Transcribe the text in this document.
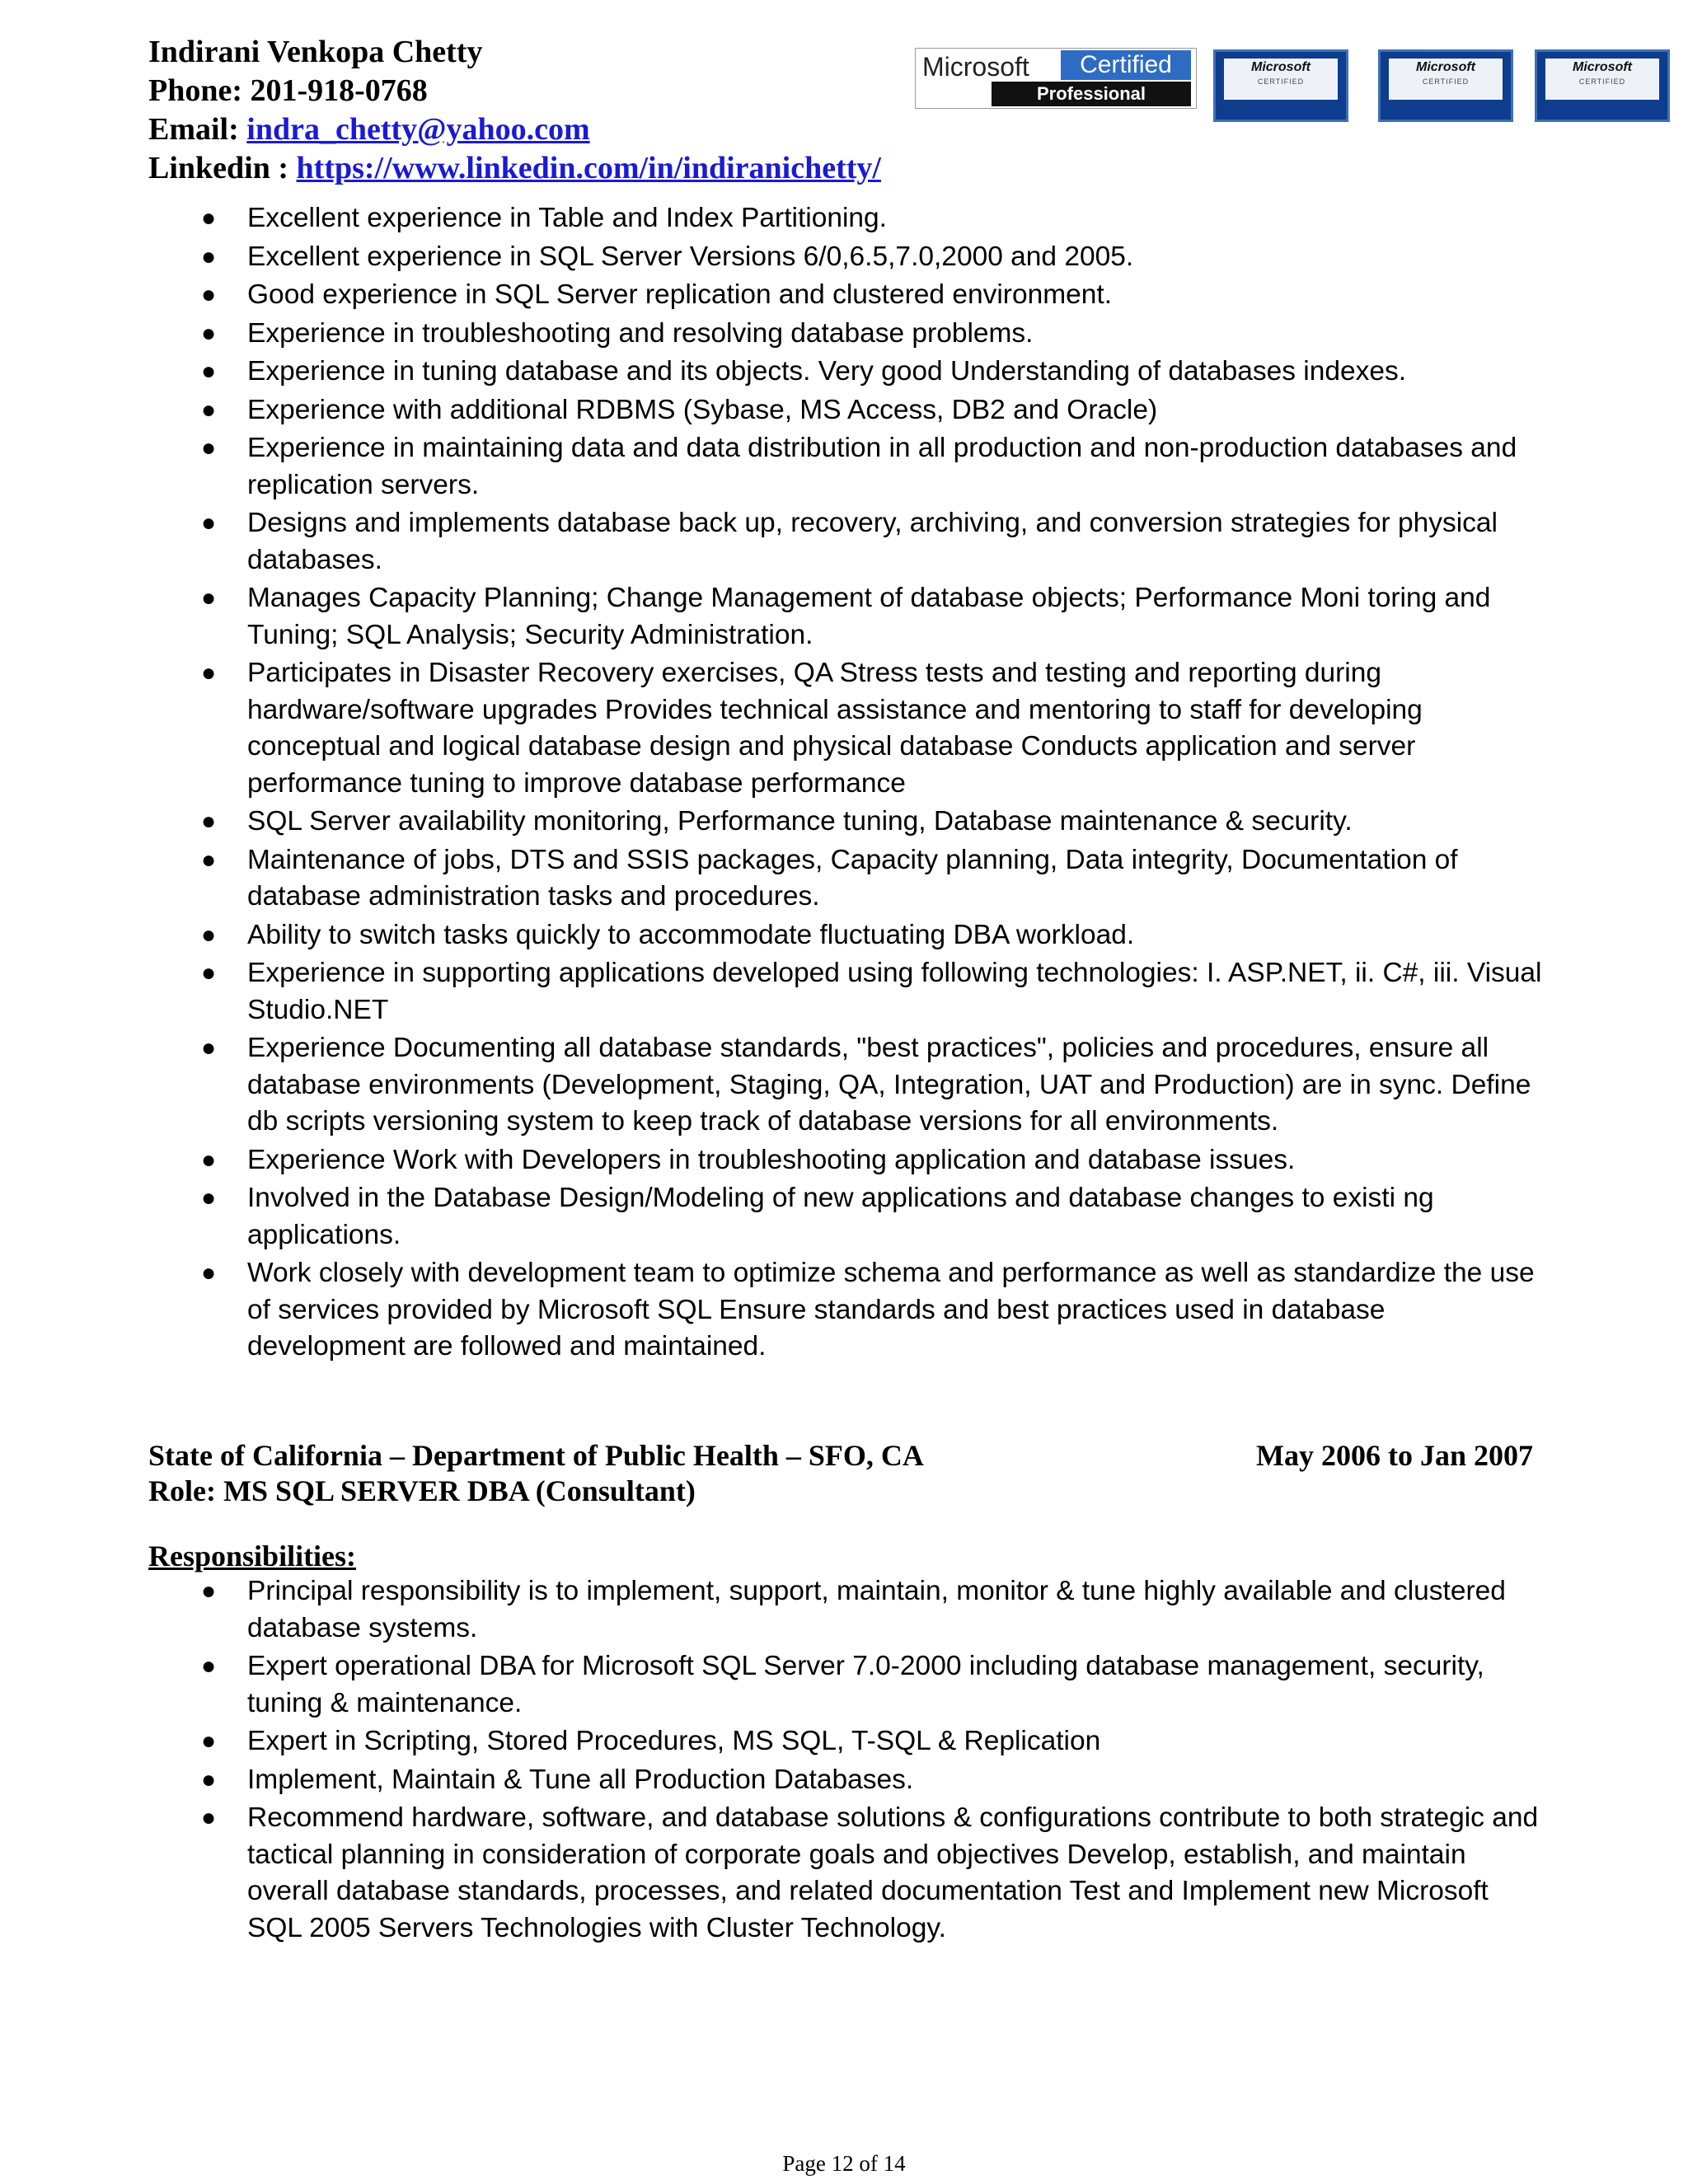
Indirani Venkopa Chetty
Phone: 201-918-0768
Email: indra_chetty@yahoo.com
Linkedin : https://www.linkedin.com/in/indiranichetty/
Microsoft	Certified
Professional
Microsoft
CERTIFIED
Microsoft
CERTIFIED
Microsoft
CERTIFIED
● Excellent experience in Table and Index Partitioning.
● Excellent experience in SQL Server Versions 6/0,6.5,7.0,2000 and 2005.
● Good experience in SQL Server replication and clustered environment.
● Experience in troubleshooting and resolving database problems.
● Experience in tuning database and its objects. Very good Understanding of databases indexes.
● Experience with additional RDBMS (Sybase, MS Access, DB2 and Oracle)
● Experience in maintaining data and data distribution in all production and non-production databases and replication servers.
● Designs and implements database back up, recovery, archiving, and conversion strategies for physical databases.
● Manages Capacity Planning; Change Management of database objects; Performance Moni toring and Tuning; SQL Analysis; Security Administration.
● Participates in Disaster Recovery exercises, QA Stress tests and testing and reporting during hardware/software upgrades Provides technical assistance and mentoring to staff for developing conceptual and logical database design and physical database Conducts application and server performance tuning to improve database performance
● SQL Server availability monitoring, Performance tuning, Database maintenance & security.
● Maintenance of jobs, DTS and SSIS packages, Capacity planning, Data integrity, Documentation of database administration tasks and procedures.
● Ability to switch tasks quickly to accommodate fluctuating DBA workload.
● Experience in supporting applications developed using following technologies: I. ASP.NET, ii. C#, iii. Visual Studio.NET
● Experience Documenting all database standards, "best practices", policies and procedures, ensure all database environments (Development, Staging, QA, Integration, UAT and Production) are in sync. Define db scripts versioning system to keep track of database versions for all environments.
● Experience Work with Developers in troubleshooting application and database issues.
● Involved in the Database Design/Modeling of new applications and database changes to existi ng applications.
● Work closely with development team to optimize schema and performance as well as standardize the use of services provided by Microsoft SQL Ensure standards and best practices used in database development are followed and maintained.
State of California – Department of Public Health – SFO, CA	May 2006 to Jan 2007
Role: MS SQL SERVER DBA (Consultant)
Responsibilities:
● Principal responsibility is to implement, support, maintain, monitor & tune highly available and clustered database systems.
● Expert operational DBA for Microsoft SQL Server 7.0-2000 including database management, security, tuning & maintenance.
● Expert in Scripting, Stored Procedures, MS SQL, T-SQL & Replication
● Implement, Maintain & Tune all Production Databases.
● Recommend hardware, software, and database solutions & configurations contribute to both strategic and tactical planning in consideration of corporate goals and objectives Develop, establish, and maintain overall database standards, processes, and related documentation Test and Implement new Microsoft SQL 2005 Servers Technologies with Cluster Technology.
Page 12 of 14
